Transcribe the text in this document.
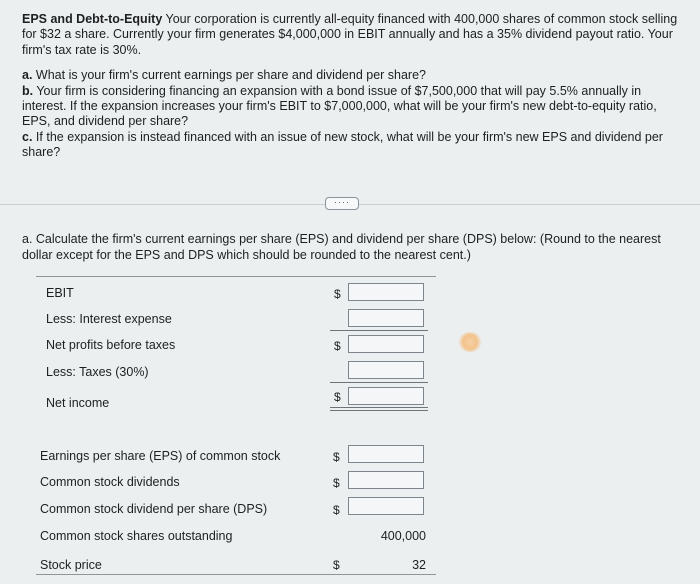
EPS and Debt-to-Equity Your corporation is currently all-equity financed with 400,000 shares of common stock selling for $32 a share. Currently your firm generates $4,000,000 in EBIT annually and has a 35% dividend payout ratio. Your firm's tax rate is 30%.

a. What is your firm's current earnings per share and dividend per share?
b. Your firm is considering financing an expansion with a bond issue of $7,500,000 that will pay 5.5% annually in interest. If the expansion increases your firm's EBIT to $7,000,000, what will be your firm's new debt-to-equity ratio, EPS, and dividend per share?
c. If the expansion is instead financed with an issue of new stock, what will be your firm's new EPS and dividend per share?
····
a. Calculate the firm's current earnings per share (EPS) and dividend per share (DPS) below: (Round to the nearest dollar except for the EPS and DPS which should be rounded to the nearest cent.)
EBIT	$
Less: Interest expense
Net profits before taxes	$
Less: Taxes (30%)
Net income	$
Earnings per share (EPS) of common stock	$
Common stock dividends	$
Common stock dividend per share (DPS)	$
Common stock shares outstanding	400,000
Stock price	$	32
